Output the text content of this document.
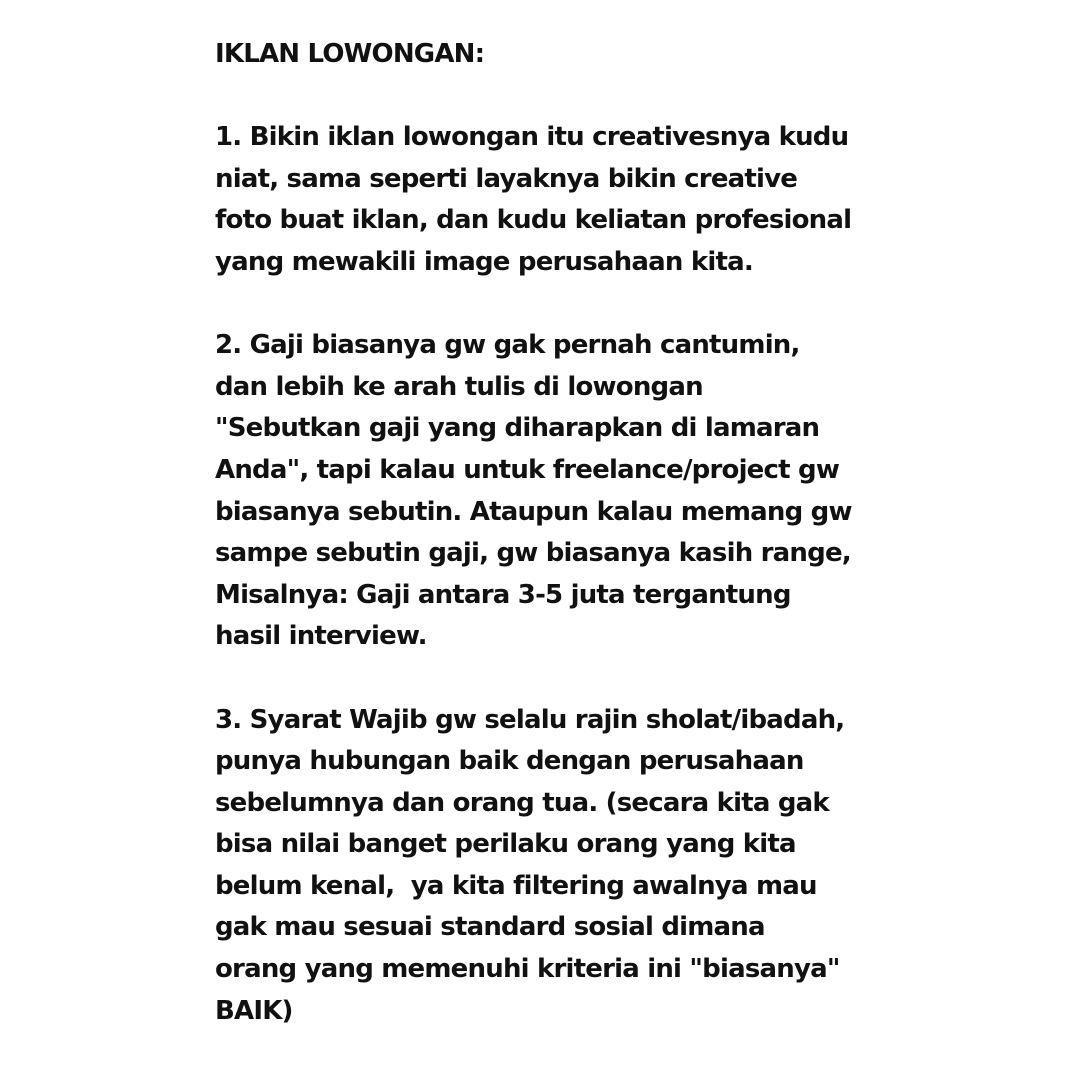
IKLAN LOWONGAN:

1. Bikin iklan lowongan itu creativesnya kudu
niat, sama seperti layaknya bikin creative
foto buat iklan, dan kudu keliatan profesional
yang mewakili image perusahaan kita.

2. Gaji biasanya gw gak pernah cantumin,
dan lebih ke arah tulis di lowongan
"Sebutkan gaji yang diharapkan di lamaran
Anda", tapi kalau untuk freelance/project gw
biasanya sebutin. Ataupun kalau memang gw
sampe sebutin gaji, gw biasanya kasih range,
Misalnya: Gaji antara 3-5 juta tergantung
hasil interview.

3. Syarat Wajib gw selalu rajin sholat/ibadah,
punya hubungan baik dengan perusahaan
sebelumnya dan orang tua. (secara kita gak
bisa nilai banget perilaku orang yang kita
belum kenal,  ya kita filtering awalnya mau
gak mau sesuai standard sosial dimana
orang yang memenuhi kriteria ini "biasanya"
BAIK)
